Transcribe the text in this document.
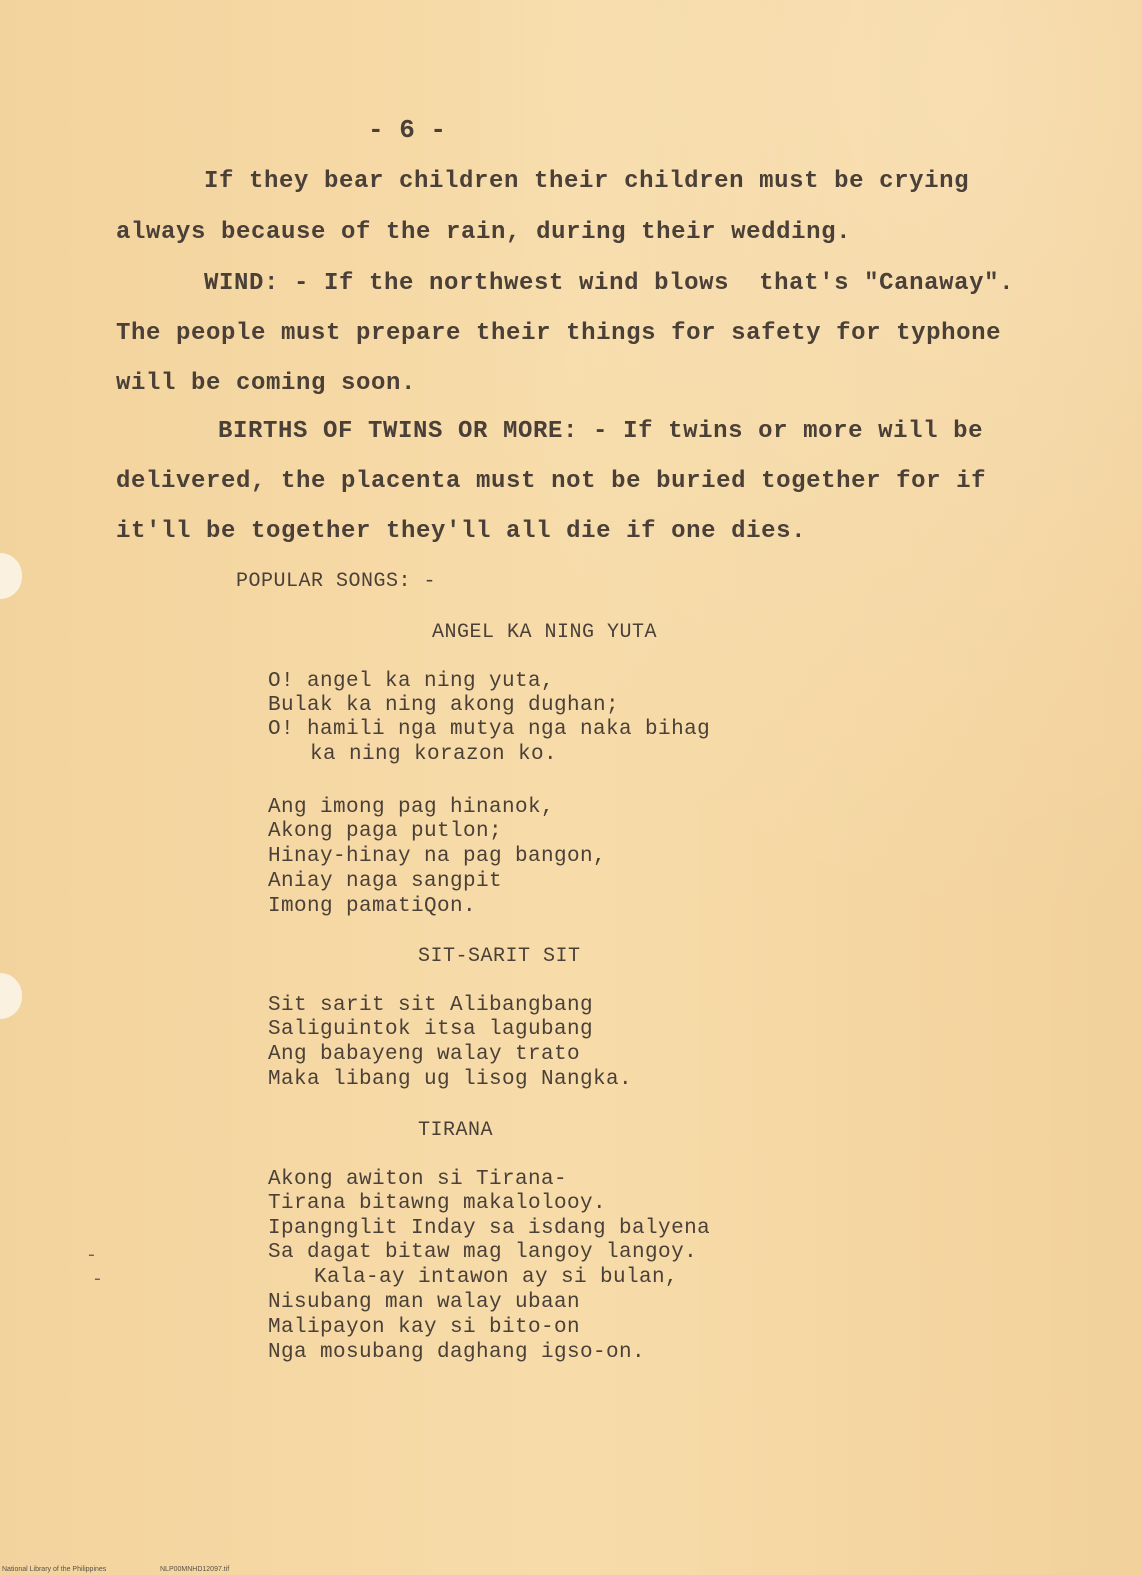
-
-
- 6 -
If they bear children their children must be crying
always because of the rain, during their wedding.
WIND: - If the northwest wind blows  that's "Canaway".
The people must prepare their things for safety for typhone
will be coming soon.
BIRTHS OF TWINS OR MORE: - If twins or more will be
delivered, the placenta must not be buried together for if
it'll be together they'll all die if one dies.
POPULAR SONGS: -
ANGEL KA NING YUTA
O! angel ka ning yuta,
Bulak ka ning akong dughan;
O! hamili nga mutya nga naka bihag
ka ning korazon ko.
Ang imong pag hinanok,
Akong paga putlon;
Hinay-hinay na pag bangon,
Aniay naga sangpit
Imong pamatiQon.
SIT-SARIT SIT
Sit sarit sit Alibangbang
Saliguintok itsa lagubang
Ang babayeng walay trato
Maka libang ug lisog Nangka.
TIRANA
Akong awiton si Tirana-
Tirana bitawng makalolooy.
Ipangnglit Inday sa isdang balyena
Sa dagat bitaw mag langoy langoy.
Kala-ay intawon ay si bulan,
Nisubang man walay ubaan
Malipayon kay si bito-on
Nga mosubang daghang igso-on.
National Library of the Philippines	NLP00MNHD12097.tif
